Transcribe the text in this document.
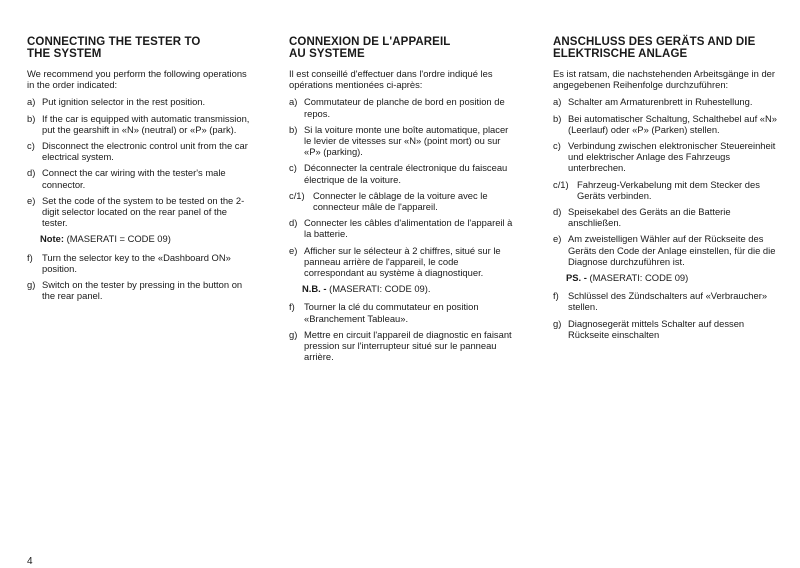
CONNECTING THE TESTER TO
THE SYSTEM
We recommend you perform the following operations in the order indicated:
a) Put ignition selector in the rest position.
b) If the car is equipped with automatic transmission, put the gearshift in «N» (neutral) or «P» (park).
c) Disconnect the electronic control unit from the car electrical system.
d) Connect the car wiring with the tester's male connector.
e) Set the code of the system to be tested on the 2-digit selector located on the rear panel of the tester.
Note: (MASERATI = CODE 09)
f) Turn the selector key to the «Dashboard ON» position.
g) Switch on the tester by pressing in the button on the rear panel.
CONNEXION DE L'APPAREIL
AU SYSTEME
Il est conseillé d'effectuer dans l'ordre indiqué les opérations mentionées ci-après:
a) Commutateur de planche de bord en position de repos.
b) Si la voiture monte une boîte automatique, placer le levier de vitesses sur «N» (point mort) ou sur «P» (parking).
c) Déconnecter la centrale électronique du faisceau électrique de la voiture.
c/1) Connecter le câblage de la voiture avec le connecteur mâle de l'appareil.
d) Connecter les câbles d'alimentation de l'appareil à la batterie.
e) Afficher sur le sélecteur à 2 chiffres, situé sur le panneau arrière de l'appareil, le code correspondant au système à diagnostiquer.
N.B. - (MASERATI: CODE 09).
f) Tourner la clé du commutateur en position «Branchement Tableau».
g) Mettre en circuit l'appareil de diagnostic en faisant pression sur l'interrupteur situé sur le panneau arrière.
ANSCHLUSS DES GERÄTS AND DIE
ELEKTRISCHE ANLAGE
Es ist ratsam, die nachstehenden Arbeitsgänge in der angegebenen Reihenfolge durchzuführen:
a) Schalter am Armaturenbrett in Ruhestellung.
b) Bei automatischer Schaltung, Schalthebel auf «N» (Leerlauf) oder «P» (Parken) stellen.
c) Verbindung zwischen elektronischer Steuereinheit und elektrischer Anlage des Fahrzeugs unterbrechen.
c/1) Fahrzeug-Verkabelung mit dem Stecker des Geräts verbinden.
d) Speisekabel des Geräts an die Batterie anschließen.
e) Am zweistelligen Wähler auf der Rückseite des Geräts den Code der Anlage einstellen, für die die Diagnose durchzuführen ist.
PS. - (MASERATI: CODE 09)
f) Schlüssel des Zündschalters auf «Verbraucher» stellen.
g) Diagnosegerät mittels Schalter auf dessen Rückseite einschalten
4
